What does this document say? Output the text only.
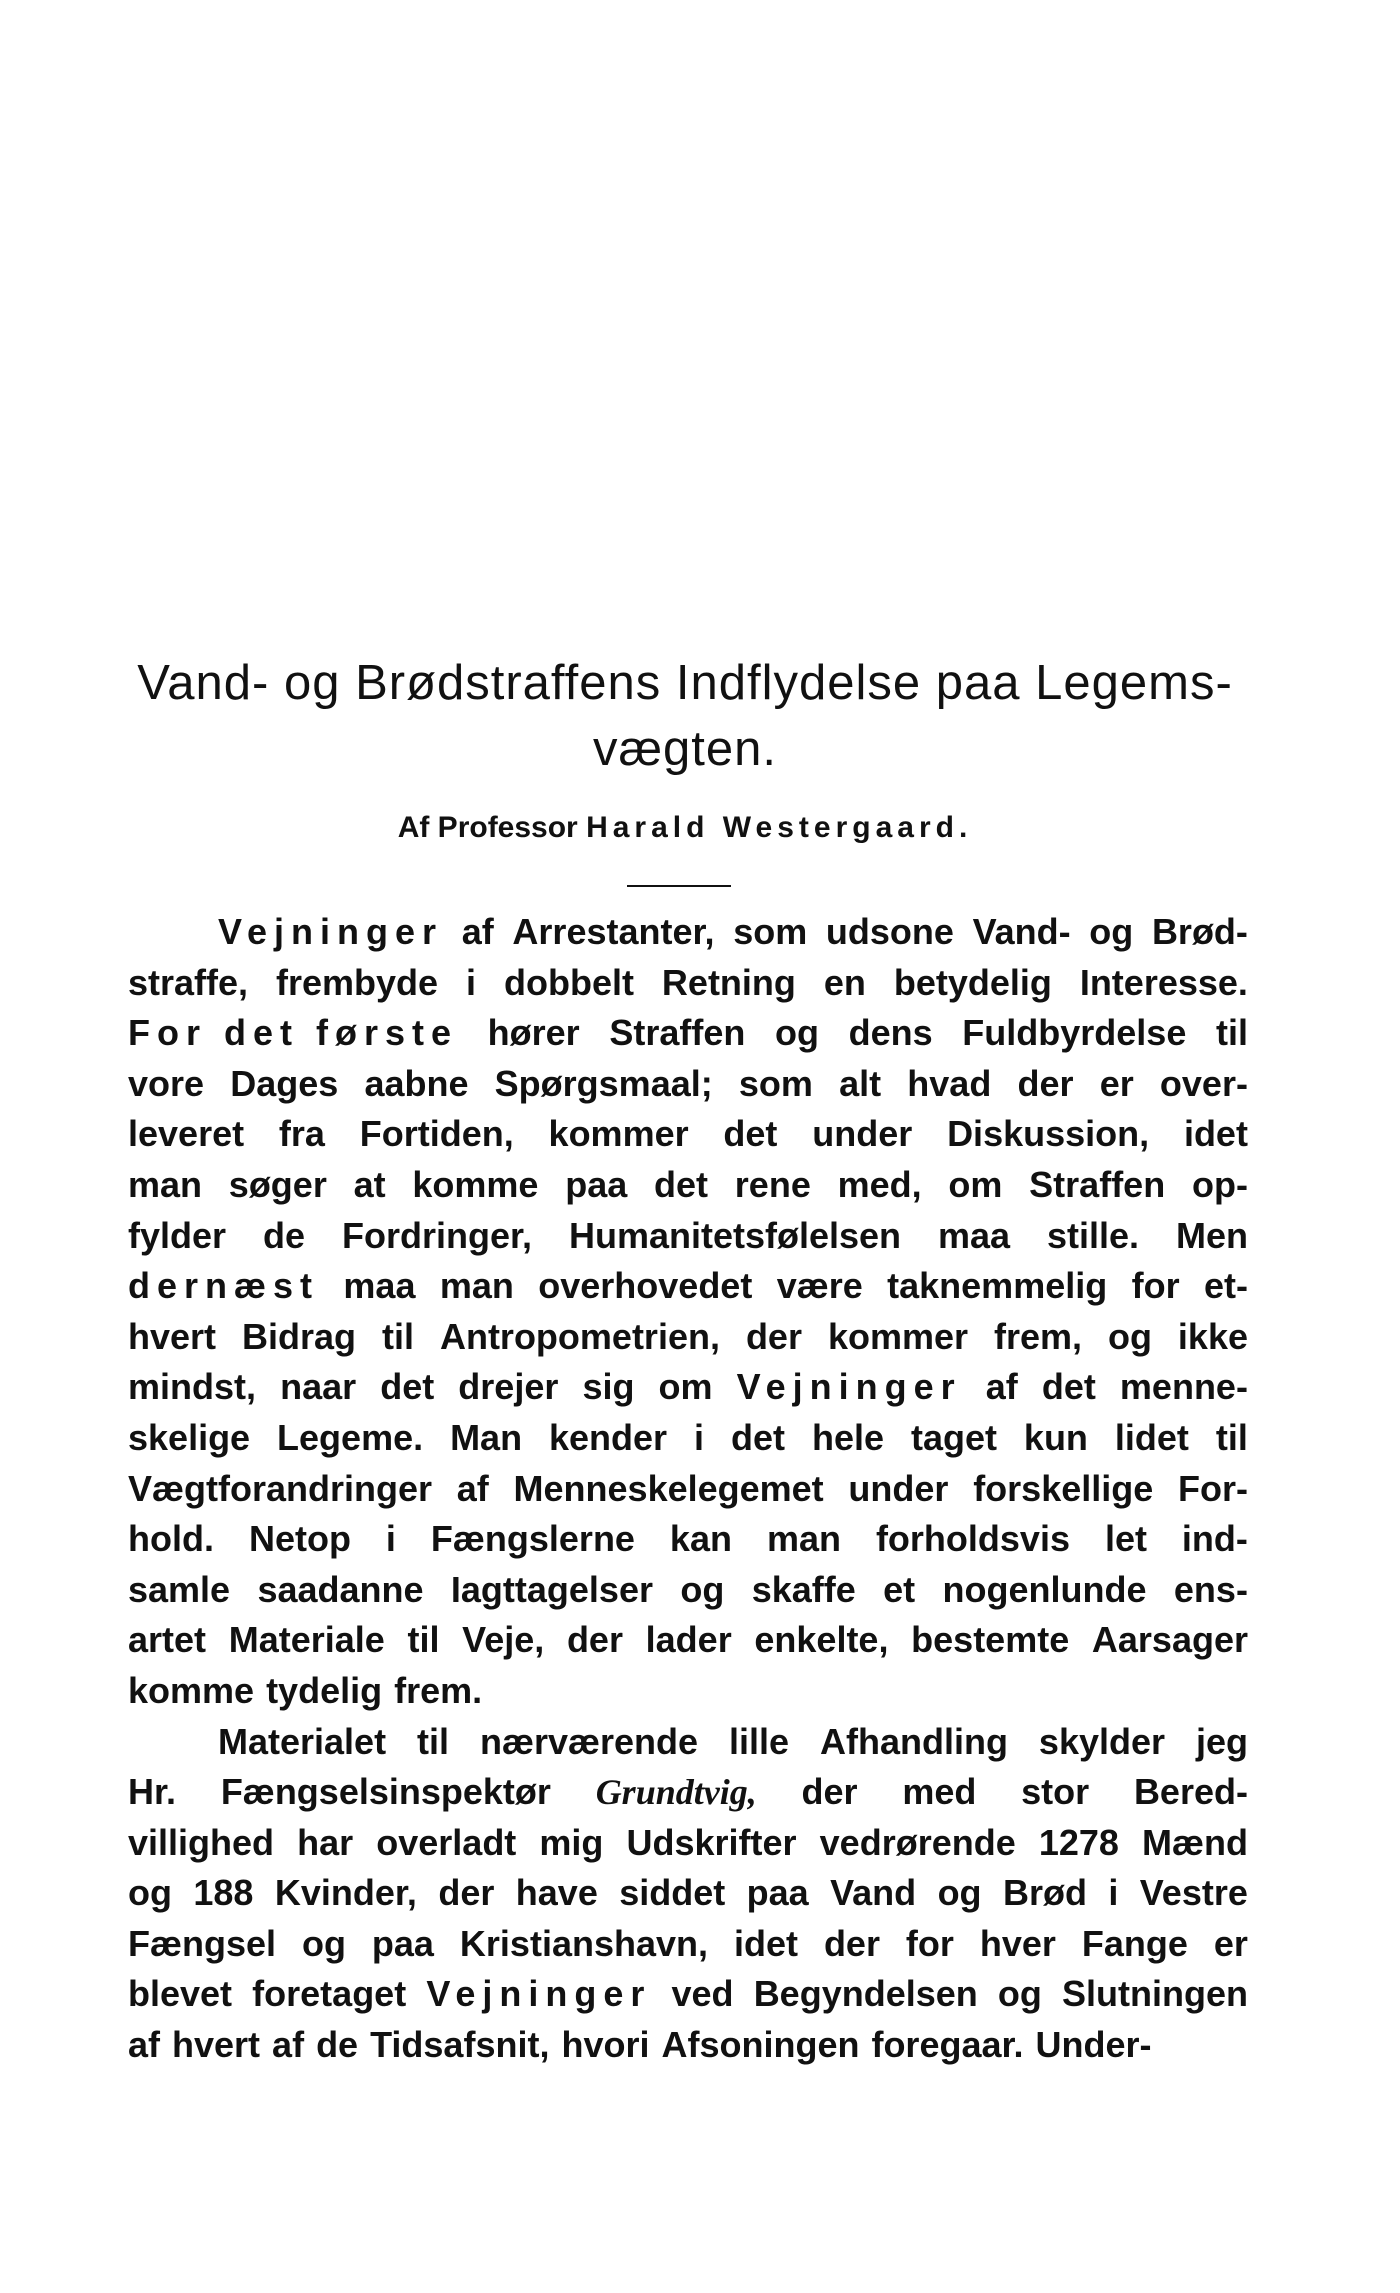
Vand- og Brødstraffens Indflydelse paa Legems-
vægten.
Af Professor Harald Westergaard.
Vejninger af Arrestanter, som udsone Vand- og Brød-
straffe, frembyde i dobbelt Retning en betydelig Interesse.
For det første hører Straffen og dens Fuldbyrdelse til
vore Dages aabne Spørgsmaal; som alt hvad der er over-
leveret fra Fortiden, kommer det under Diskussion, idet
man søger at komme paa det rene med, om Straffen op-
fylder de Fordringer, Humanitetsfølelsen maa stille. Men
dernæst maa man overhovedet være taknemmelig for et-
hvert Bidrag til Antropometrien, der kommer frem, og ikke
mindst, naar det drejer sig om Vejninger af det menne-
skelige Legeme. Man kender i det hele taget kun lidet til
Vægtforandringer af Menneskelegemet under forskellige For-
hold. Netop i Fængslerne kan man forholdsvis let ind-
samle saadanne Iagttagelser og skaffe et nogenlunde ens-
artet Materiale til Veje, der lader enkelte, bestemte Aarsager
komme tydelig frem.
Materialet til nærværende lille Afhandling skylder jeg
Hr. Fængselsinspektør Grundtvig, der med stor Bered-
villighed har overladt mig Udskrifter vedrørende 1278 Mænd
og 188 Kvinder, der have siddet paa Vand og Brød i Vestre
Fængsel og paa Kristianshavn, idet der for hver Fange er
blevet foretaget Vejninger ved Begyndelsen og Slutningen
af hvert af de Tidsafsnit, hvori Afsoningen foregaar. Under-
